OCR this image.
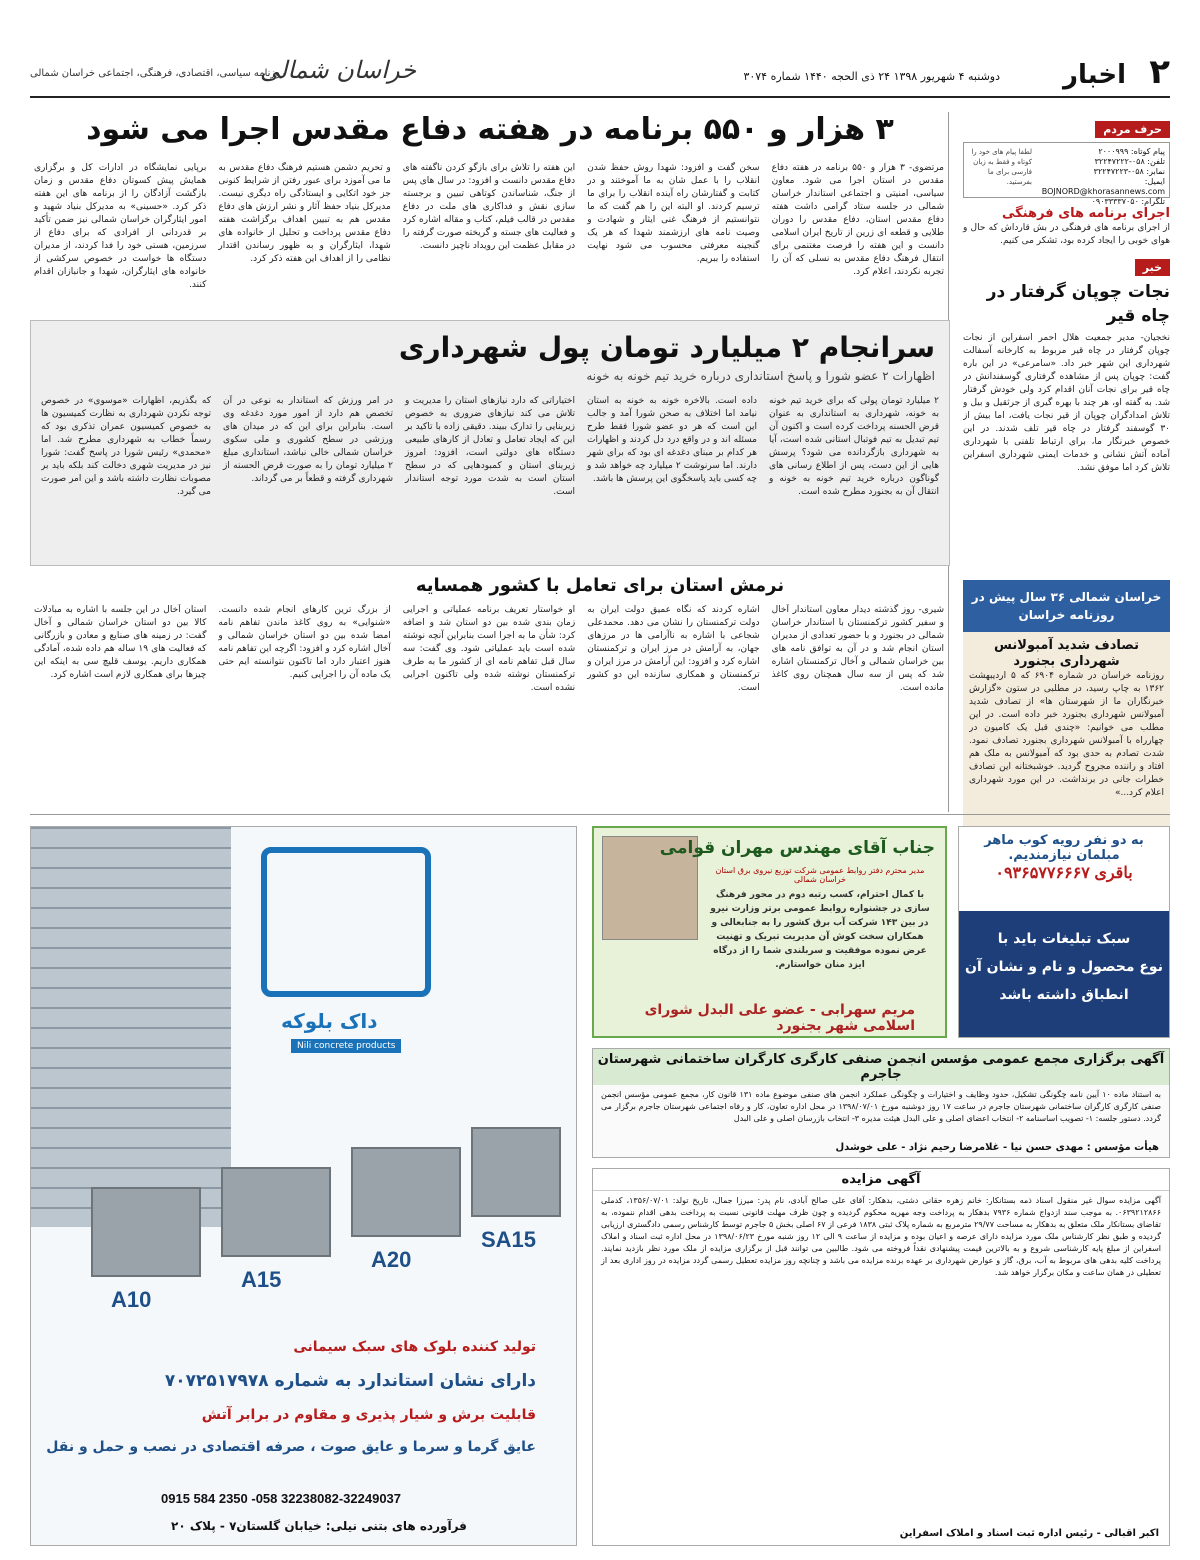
۲
اخبار
دوشنبه ۴ شهریور ۱۳۹۸ ۲۴ ذی الحجه ۱۴۴۰ شماره ۳۰۷۴
خراسان شمالی
روزنامه سیاسی، اقتصادی، فرهنگی، اجتماعی خراسان شمالی
حرف مردم
پیام کوتاه: ۲۰۰۰۹۹۹
تلفن: ۰۵۸-۳۲۲۴۷۲۲۲
نمابر: ۰۵۸-۳۲۲۴۷۲۲۳
ایمیل: BOJNORD@khorasannews.com
تلگرام: ۰۹۰۳۳۳۳۷۰۵۰
لطفا پیام های خود را کوتاه و فقط به زبان فارسی برای ما بفرستید.
اجرای برنامه های فرهنگی
از اجرای برنامه های فرهنگی در بش قارداش که حال و هوای خوبی را ایجاد کرده بود، تشکر می کنیم.
خبر
نجات چوپان گرفتار در چاه قیر
نخجیان- مدیر جمعیت هلال احمر اسفراین از نجات چوپان گرفتار در چاه قیر مربوط به کارخانه آسفالت شهرداری این شهر خبر داد. «سامرعی» در این باره گفت: چوپان پس از مشاهده گرفتاری گوسفندانش در چاه قیر برای نجات آنان اقدام کرد ولی خودش گرفتار شد. به گفته او، هر چند با بهره گیری از جرثقیل و بیل و تلاش امدادگران چوپان از قیر نجات یافت، اما بیش از ۳۰ گوسفند گرفتار در چاه قیر تلف شدند. در این خصوص خبرنگار ما، برای ارتباط تلفنی با شهرداری آماده آتش نشانی و خدمات ایمنی شهرداری اسفراین تلاش کرد اما موفق نشد.
خراسان شمالی ۳۶ سال پیش در روزنامه خراسان
تصادف شدید آمبولانس شهرداری بجنورد
روزنامه خراسان در شماره ۶۹۰۴ که ۵ اردیبهشت ۱۳۶۲ به چاپ رسید، در مطلبی در ستون «گزارش خبرنگاران ما از شهرستان ها» از تصادف شدید آمبولانس شهرداری بجنورد خبر داده است. در این مطلب می خوانیم: «چندی قبل یک کامیون در چهارراه با آمبولانس شهرداری بجنورد تصادف نمود. شدت تصادم به حدی بود که آمبولانس به ملک هم افتاد و راننده مجروح گردید. خوشبختانه این تصادف خطرات جانی در برنداشت. در این مورد شهرداری اعلام کرد...»
۳ هزار و ۵۵۰ برنامه در هفته دفاع مقدس اجرا می شود
مرتضوی- ۳ هزار و ۵۵۰ برنامه در هفته دفاع مقدس در استان اجرا می شود. معاون سیاسی، امنیتی و اجتماعی استاندار خراسان شمالی در جلسه ستاد گرامی داشت هفته دفاع مقدس استان، دفاع مقدس را دوران طلایی و قطعه ای زرین از تاریخ ایران اسلامی دانست و این هفته را فرصت مغتنمی برای انتقال فرهنگ دفاع مقدس به نسلی که آن را تجربه نکردند، اعلام کرد.
سخن گفت و افزود: شهدا روش حفظ شدن انقلاب را با عمل شان به ما آموختند و در کتابت و گفتارشان راه آینده انقلاب را برای ما ترسیم کردند. او البته این را هم گفت که ما نتوانستیم از فرهنگ غنی ایثار و شهادت و وصیت نامه های ارزشمند شهدا که هر یک گنجینه معرفتی محسوب می شود نهایت استفاده را ببریم.
این هفته را تلاش برای بازگو کردن ناگفته های دفاع مقدس دانست و افزود: در سال های پس از جنگ، شناساندن کوتاهی تبیین و برجسته سازی نقش و فداکاری های ملت در دفاع مقدس در قالب فیلم، کتاب و مقاله اشاره کرد و فعالیت های جسته و گریخته صورت گرفته را در مقابل عظمت این رویداد ناچیز دانست.
و تحریم دشمن هستیم فرهنگ دفاع مقدس به ما می آموزد برای عبور رفتن از شرایط کنونی جز خود اتکایی و ایستادگی راه دیگری نیست. مدیرکل بنیاد حفظ آثار و نشر ارزش های دفاع مقدس هم به تبیین اهداف برگزاشت هفته دفاع مقدس پرداخت و تحلیل از خانواده های شهدا، ایثارگران و به ظهور رساندن اقتدار نظامی را از اهداف این هفته ذکر کرد.
برپایی نمایشگاه در ادارات کل و برگزاری همایش پیش کسوتان دفاع مقدس و زمان بازگشت آزادگان را از برنامه های این هفته ذکر کرد. «حسینی» به مدیرکل بنیاد شهید و امور ایثارگران خراسان شمالی نیز ضمن تأکید بر قدردانی از افرادی که برای دفاع از سرزمین، هستی خود را فدا کردند، از مدیران دستگاه ها خواست در خصوص سرکشی از خانواده های ایثارگران، شهدا و جانبازان اقدام کنند.
سرانجام ۲ میلیارد تومان پول شهرداری
اظهارات ۲ عضو شورا و پاسخ استانداری درباره خرید تیم خونه به خونه
۲ میلیارد تومان پولی که برای خرید تیم خونه به خونه، شهرداری به استانداری به عنوان قرض الحسنه پرداخت کرده است و اکنون آن تیم تبدیل به تیم فوتبال استانی شده است، آیا به شهرداری بازگردانده می شود؟ پرسش هایی از این دست، پس از اطلاع رسانی های گوناگون درباره خرید تیم خونه به خونه و انتقال آن به بجنورد مطرح شده است.
داده است. بالاخره خونه به خونه به استان نیامد اما اختلاف به صحن شورا آمد و جالب این است که هر دو عضو شورا فقط طرح مسئله اند و در واقع درد دل کردند و اظهارات هر کدام بر مبنای دغدغه ای بود که برای شهر دارند. اما سرنوشت ۲ میلیارد چه خواهد شد و چه کسی باید پاسخگوی این پرسش ها باشد.
اختیاراتی که دارد نیازهای استان را مدیریت و تلاش می کند نیازهای ضروری به خصوص زیربنایی را تدارک ببیند. دقیقی زاده با تاکید بر این که ایجاد تعامل و تعادل از کارهای طبیعی دستگاه های دولتی است، افزود: امروز زیربنای استان و کمبودهایی که در سطح استان است به شدت مورد توجه استاندار است.
در امر ورزش که استاندار به نوعی در آن تخصص هم دارد از امور مورد دغدغه وی است. بنابراین برای این که در میدان های ورزشی در سطح کشوری و ملی سکوی خراسان شمالی خالی نباشد، استانداری مبلغ ۲ میلیارد تومان را به صورت قرض الحسنه از شهرداری گرفته و قطعاً بر می گرداند.
که بگذریم، اظهارات «موسوی» در خصوص توجه نکردن شهرداری به نظارت کمیسیون ها به خصوص کمیسیون عمران تذکری بود که رسماً خطاب به شهرداری مطرح شد. اما «محمدی» رئیس شورا در پاسخ گفت: شورا نیز در مدیریت شهری دخالت کند بلکه باید بر مصوبات نظارت داشته باشد و این امر صورت می گیرد.
نرمش استان برای تعامل با کشور همسایه
شیری- روز گذشته دیدار معاون استاندار آخال و سفیر کشور ترکمنستان با استاندار خراسان شمالی در بجنورد و با حضور تعدادی از مدیران استان انجام شد و در آن به توافق نامه های بین خراسان شمالی و آخال ترکمنستان اشاره شد که پس از سه سال همچنان روی کاغذ مانده است.
اشاره کردند که نگاه عمیق دولت ایران به دولت ترکمنستان را نشان می دهد. محمدعلی شجاعی با اشاره به ناآرامی ها در مرزهای جهان، به آرامش در مرز ایران و ترکمنستان اشاره کرد و افزود: این آرامش در مرز ایران و ترکمنستان و همکاری سازنده این دو کشور است.
او خواستار تعریف برنامه عملیاتی و اجرایی زمان بندی شده بین دو استان شد و اضافه کرد: شأن ما به اجرا است بنابراین آنچه نوشته شده است باید عملیاتی شود. وی گفت: سه سال قبل تفاهم نامه ای از کشور ما به طرف ترکمنستان نوشته شده ولی تاکنون اجرایی نشده است.
از بزرگ ترین کارهای انجام شده دانست. «شنوایی» به روی کاغذ ماندن تفاهم نامه امضا شده بین دو استان خراسان شمالی و آخال اشاره کرد و افزود: اگرچه این تفاهم نامه هنوز اعتبار دارد اما تاکنون نتوانسته ایم حتی یک ماده آن را اجرایی کنیم.
استان آخال در این جلسه با اشاره به مبادلات کالا بین دو استان خراسان شمالی و آخال گفت: در زمینه های صنایع و معادن و بازرگانی که فعالیت های ۱۹ ساله هم داده شده، آمادگی همکاری داریم. یوسف قلیچ سی به اینکه این چیزها برای همکاری لازم است اشاره کرد.
داک بلوکه
Nili concrete products
A10
A15
A20
SA15
تولید کننده بلوک های سبک سیمانی
دارای نشان استاندارد به شماره ۷۰۷۲۵۱۷۹۷۸
قابلیت برش و شیار پذیری و مقاوم در برابر آتش
عایق گرما و سرما و عایق صوت ، صرفه اقتصادی در نصب و حمل و نقل
0915 584 2350 -058 32238082-32249037
فرآورده های بتنی نیلی: خیابان گلستان۷ - پلاک ۲۰
جناب آقای مهندس مهران قوامی
مدیر محترم دفتر روابط عمومی شرکت توزیع نیروی برق استان خراسان شمالی
با کمال احترام، کسب رتبه دوم در محور فرهنگ سازی در جشنواره روابط عمومی برتر وزارت نیرو در بین ۱۴۳ شرکت آب برق کشور را به جنابعالی و همکاران سخت کوش آن مدیریت تبریک و تهنیت عرض نموده موفقیت و سربلندی شما را از درگاه ایزد منان خواستارم.
مریم سهرابی - عضو علی البدل شورای اسلامی شهر بجنورد
به دو نفر رویه کوب ماهر
مبلمان نیازمندیم.
باقری ۰۹۳۶۵۷۷۶۶۶۷
سبک تبلیغات باید با
نوع محصول و نام و نشان آن
انطباق داشته باشد
آگهی برگزاری مجمع عمومی مؤسس انجمن صنفی کارگری کارگران ساختمانی شهرستان جاجرم
به استناد ماده ۱۰ آیین نامه چگونگی تشکیل، حدود وظایف و اختیارات و چگونگی عملکرد انجمن های صنفی موضوع ماده ۱۳۱ قانون کار، مجمع عمومی مؤسس انجمن صنفی کارگری کارگران ساختمانی شهرستان جاجرم در ساعت ۱۷ روز دوشنبه مورخ ۱۳۹۸/۰۷/۰۱ در محل اداره تعاون، کار و رفاه اجتماعی شهرستان جاجرم برگزار می گردد. دستور جلسه: ۱- تصویب اساسنامه ۲- انتخاب اعضای اصلی و علی البدل هیئت مدیره ۳- انتخاب بازرسان اصلی و علی البدل
هیأت مؤسس : مهدی حسن نیا - غلامرضا رحیم نژاد - علی خوشدل
آگهی مزایده
آگهی مزایده سوال غیر منقول اسناد ذمه بستانکار: خانم زهره حقانی دشتی، بدهکار: آقای علی صالح آبادی، نام پدر: میرزا جمال، تاریخ تولد: ۱۳۵۶/۰۷/۰۱، کدملی ۰۶۳۹۲۱۲۸۶۶. به موجب سند ازدواج شماره ۷۹۳۶ بدهکار به پرداخت وجه مهریه محکوم گردیده و چون ظرف مهلت قانونی نسبت به پرداخت بدهی اقدام ننموده، به تقاضای بستانکار ملک متعلق به بدهکار به مساحت ۲۹/۷۷ مترمربع به شماره پلاک ثبتی ۱۸۳۸ فرعی از ۶۷ اصلی بخش ۵ جاجرم توسط کارشناس رسمی دادگستری ارزیابی گردیده و طبق نظر کارشناس ملک مورد مزایده دارای عرصه و اعیان بوده و مزایده از ساعت ۹ الی ۱۲ روز شنبه مورخ ۱۳۹۸/۰۶/۲۳ در محل اداره ثبت اسناد و املاک اسفراین از مبلغ پایه کارشناسی شروع و به بالاترین قیمت پیشنهادی نقداً فروخته می شود. طالبین می توانند قبل از برگزاری مزایده از ملک مورد نظر بازدید نمایند. پرداخت کلیه بدهی های مربوط به آب، برق، گاز و عوارض شهرداری بر عهده برنده مزایده می باشد و چنانچه روز مزایده تعطیل رسمی گردد مزایده در روز اداری بعد از تعطیلی در همان ساعت و مکان برگزار خواهد شد.
اکبر اقبالی - رئیس اداره ثبت اسناد و املاک اسفراین
